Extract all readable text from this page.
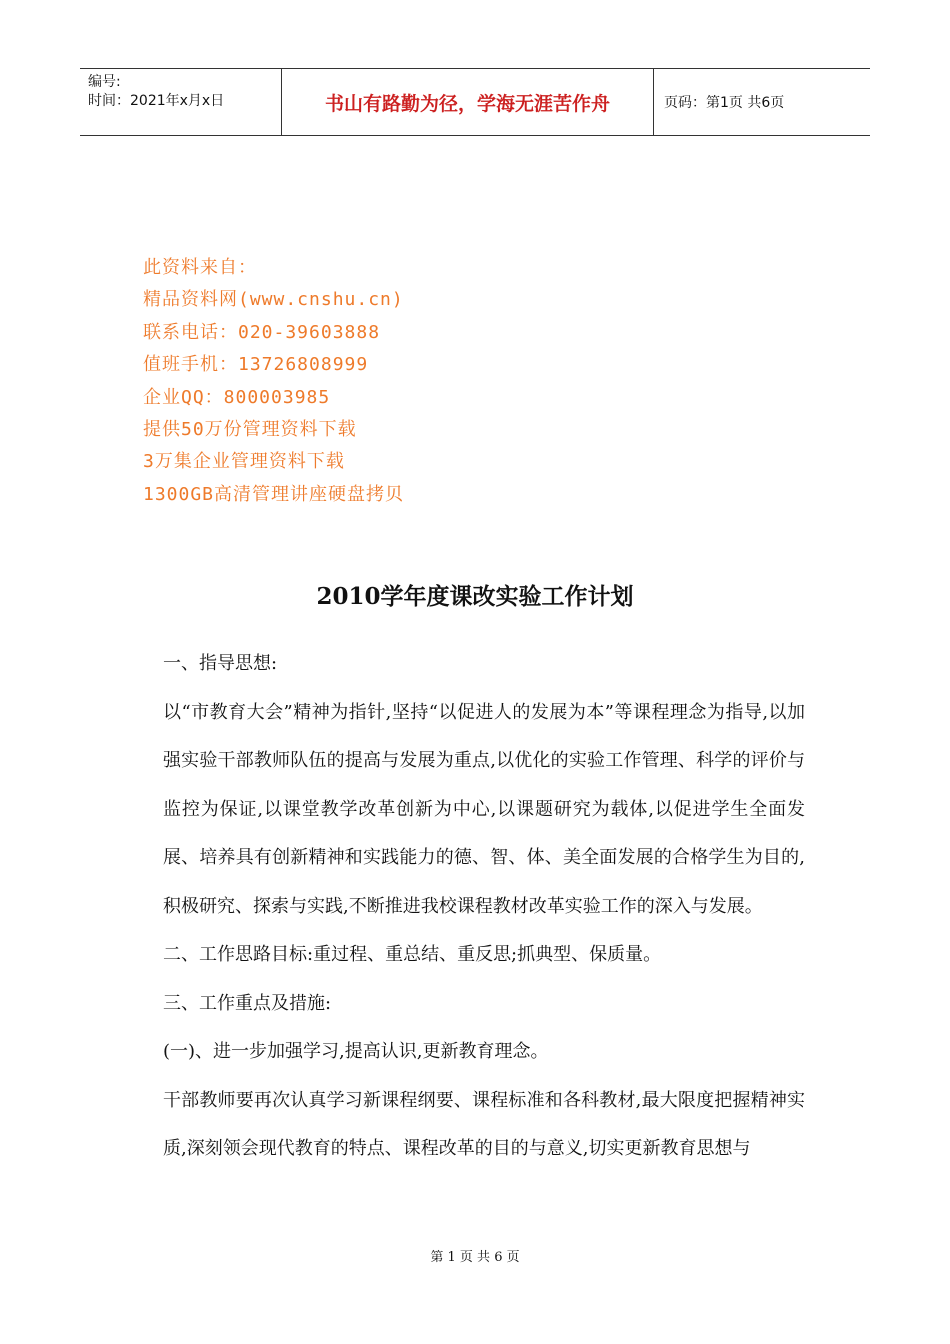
编号:
时间：2021年x月x日	书山有路勤为径，学海无涯苦作舟	页码：第1页 共6页
此资料来自：
精品资料网(www.cnshu.cn)
联系电话：020-39603888
值班手机：13726808999
企业QQ：800003985
提供50万份管理资料下载
3万集企业管理资料下载
1300GB高清管理讲座硬盘拷贝
2010学年度课改实验工作计划

一、指导思想:

以“市教育大会”精神为指针,坚持“以促进人的发展为本”等课程理念为指导,以加强实验干部教师队伍的提高与发展为重点,以优化的实验工作管理、科学的评价与监控为保证,以课堂教学改革创新为中心,以课题研究为载体,以促进学生全面发展、培养具有创新精神和实践能力的德、智、体、美全面发展的合格学生为目的,积极研究、探索与实践,不断推进我校课程教材改革实验工作的深入与发展。

二、工作思路目标:重过程、重总结、重反思;抓典型、保质量。

三、工作重点及措施:

(一)、进一步加强学习,提高认识,更新教育理念。

干部教师要再次认真学习新课程纲要、课程标准和各科教材,最大限度把握精神实质,深刻领会现代教育的特点、课程改革的目的与意义,切实更新教育思想与

第 1 页 共 6 页
